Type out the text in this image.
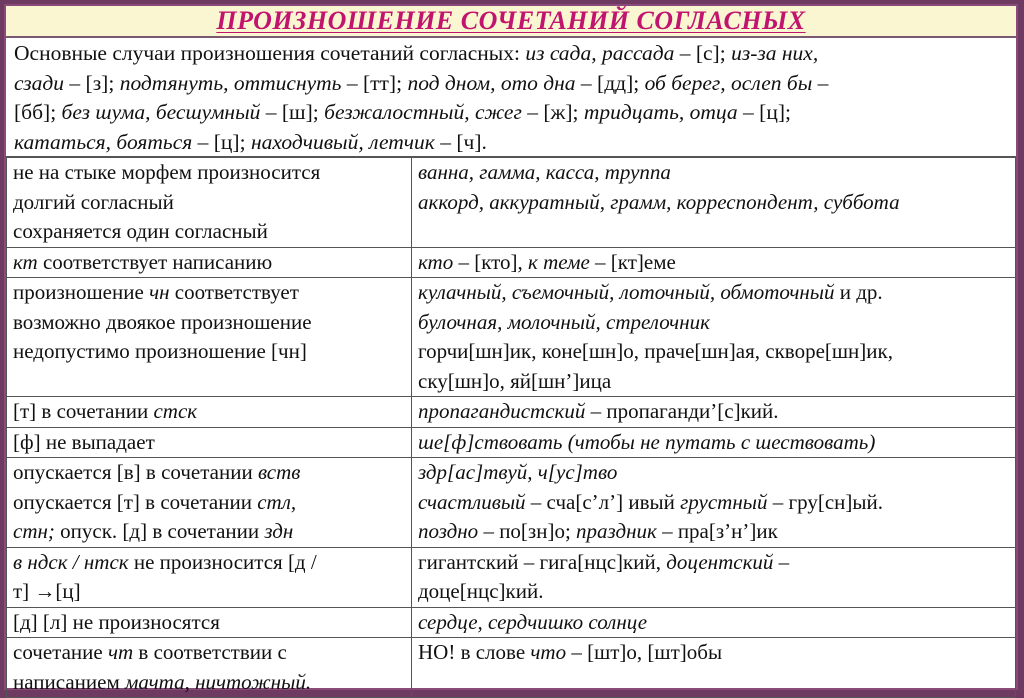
ПРОИЗНОШЕНИЕ СОЧЕТАНИЙ СОГЛАСНЫХ
Основные случаи произношения сочетаний согласных: из сада, рассада – [с]; из-за них,
сзади – [з]; подтянуть, оттиснуть – [тт]; под дном, ото дна – [дд]; об берег, ослеп бы –
[бб]; без шума, бесшумный – [ш]; безжалостный, сжег – [ж]; тридцать, отца – [ц];
кататься, бояться – [ц]; находчивый, летчик – [ч].
не на стыке морфем произносится
долгий согласный
сохраняется один согласный	ванна, гамма, касса, труппа
аккорд, аккуратный, грамм, корреспондент, суббота

кт соответствует написанию	кто – [кто], к теме – [кт]еме

произношение чн соответствует
возможно двоякое произношение
недопустимо произношение [чн]	кулачный, съемочный, лоточный, обмоточный и др.
булочная, молочный, стрелочник
горчи[шн]ик, коне[шн]о, праче[шн]ая, скворе[шн]ик,
ску[шн]о, яй[шн’]ица

[т] в сочетании стск	пропагандистский – пропаганди’[с]кий.

[ф] не выпадает	ше[ф]ствовать (чтобы не путать с шествовать)

опускается [в] в сочетании вств
опускается [т] в сочетании стл,
стн; опуск. [д] в сочетании здн	здр[ас]твуй, ч[ус]тво
счастливый – сча[с’л’] ивый грустный – гру[сн]ый.
поздно – по[зн]о; праздник – пра[з’н’]ик

в ндск / нтск не произносится [д /
т] →[ц]	гигантский – гига[нцс]кий, доцентский –
доце[нцс]кий.

[д] [л] не произносятся	сердце, сердчишко солнце

сочетание чт в соответствии с
написанием мачта, ничтожный.	НО! в слове что – [шт]о, [шт]обы
